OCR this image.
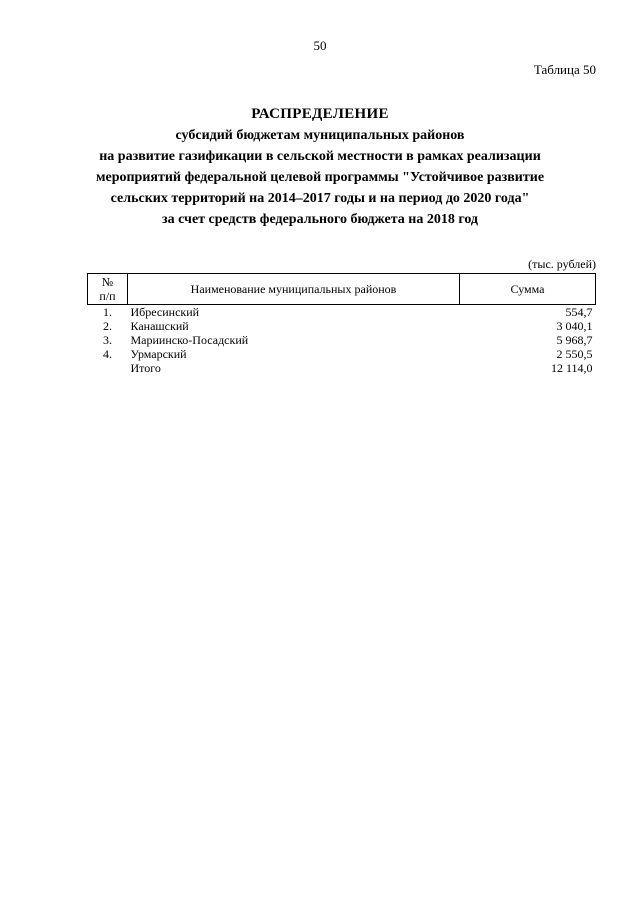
50
Таблица 50
РАСПРЕДЕЛЕНИЕ
субсидий бюджетам муниципальных районов
на развитие газификации в сельской местности в рамках реализации
мероприятий федеральной целевой программы "Устойчивое развитие
сельских территорий на 2014–2017 годы и на период до 2020 года"
за счет средств федерального бюджета на 2018 год
(тыс. рублей)
№
п/п	Наименование муниципальных районов	Сумма
1.	Ибресинский	554,7
2.	Канашский	3 040,1
3.	Мариинско-Посадский	5 968,7
4.	Урмарский	2 550,5
	Итого	12 114,0
